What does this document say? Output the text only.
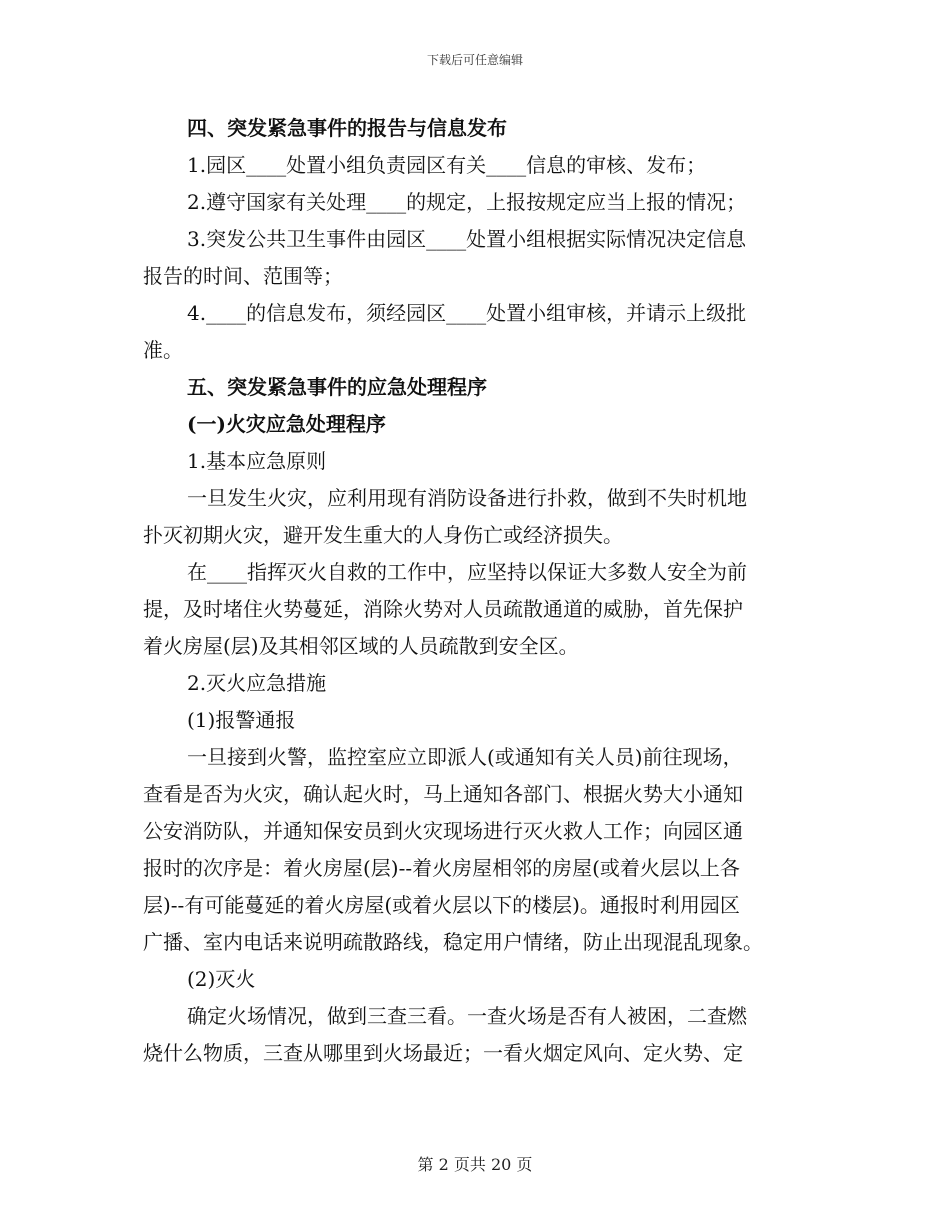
下载后可任意编辑
四、突发紧急事件的报告与信息发布
1.园区____处置小组负责园区有关____信息的审核、发布；
2.遵守国家有关处理____的规定，上报按规定应当上报的情况；
3.突发公共卫生事件由园区____处置小组根据实际情况决定信息
报告的时间、范围等；
4.____的信息发布，须经园区____处置小组审核，并请示上级批
准。
五、突发紧急事件的应急处理程序
(一)火灾应急处理程序
1.基本应急原则
一旦发生火灾，应利用现有消防设备进行扑救，做到不失时机地
扑灭初期火灾，避开发生重大的人身伤亡或经济损失。
在____指挥灭火自救的工作中，应坚持以保证大多数人安全为前
提，及时堵住火势蔓延，消除火势对人员疏散通道的威胁，首先保护
着火房屋(层)及其相邻区域的人员疏散到安全区。
2.灭火应急措施
(1)报警通报
一旦接到火警，监控室应立即派人(或通知有关人员)前往现场，
查看是否为火灾，确认起火时，马上通知各部门、根据火势大小通知
公安消防队，并通知保安员到火灾现场进行灭火救人工作；向园区通
报时的次序是：着火房屋(层)--着火房屋相邻的房屋(或着火层以上各
层)--有可能蔓延的着火房屋(或着火层以下的楼层)。通报时利用园区
广播、室内电话来说明疏散路线，稳定用户情绪，防止出现混乱现象。
(2)灭火
确定火场情况，做到三查三看。一查火场是否有人被困，二查燃
烧什么物质，三查从哪里到火场最近；一看火烟定风向、定火势、定
第 2 页共 20 页
